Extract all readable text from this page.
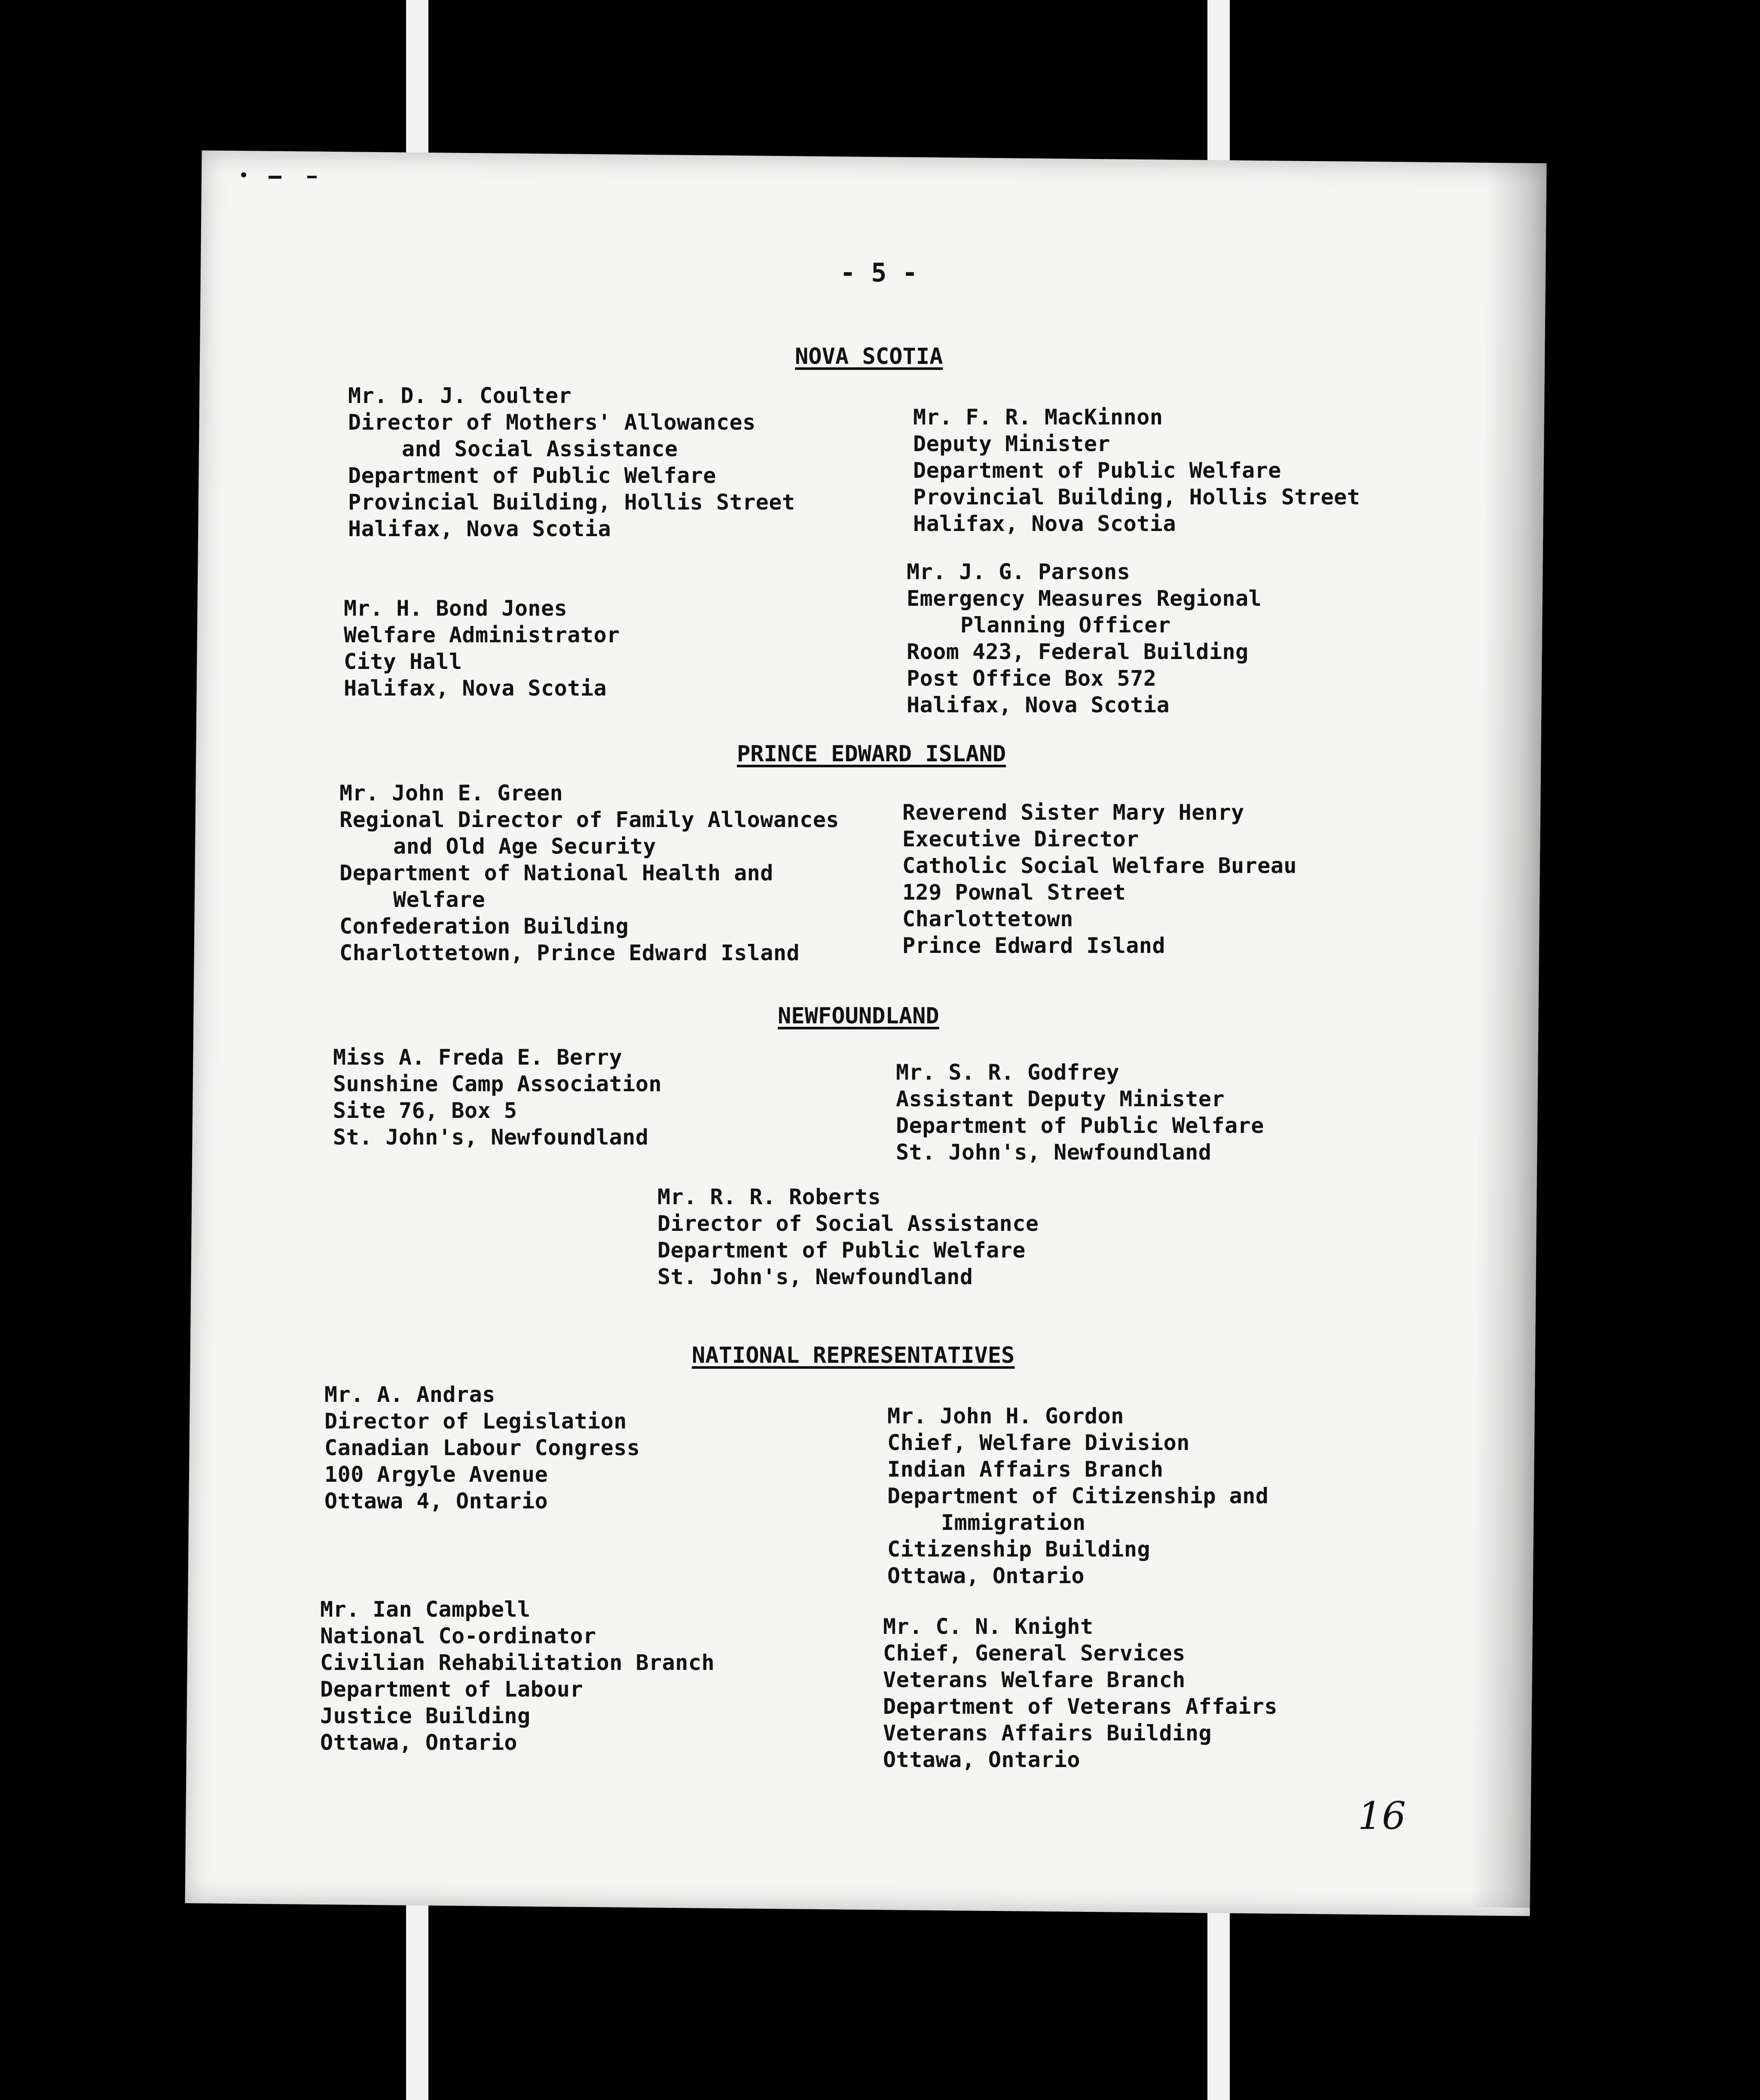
- 5 -
NOVA SCOTIA
Mr. D. J. Coulter
Director of Mothers' Allowances
and Social Assistance
Department of Public Welfare
Provincial Building, Hollis Street
Halifax, Nova Scotia
Mr. F. R. MacKinnon
Deputy Minister
Department of Public Welfare
Provincial Building, Hollis Street
Halifax, Nova Scotia
Mr. J. G. Parsons
Emergency Measures Regional
Planning Officer
Room 423, Federal Building
Post Office Box 572
Halifax, Nova Scotia
Mr. H. Bond Jones
Welfare Administrator
City Hall
Halifax, Nova Scotia
PRINCE EDWARD ISLAND
Mr. John E. Green
Regional Director of Family Allowances
and Old Age Security
Department of National Health and
Welfare
Confederation Building
Charlottetown, Prince Edward Island
Reverend Sister Mary Henry
Executive Director
Catholic Social Welfare Bureau
129 Pownal Street
Charlottetown
Prince Edward Island
NEWFOUNDLAND
Miss A. Freda E. Berry
Sunshine Camp Association
Site 76, Box 5
St. John's, Newfoundland
Mr. S. R. Godfrey
Assistant Deputy Minister
Department of Public Welfare
St. John's, Newfoundland
Mr. R. R. Roberts
Director of Social Assistance
Department of Public Welfare
St. John's, Newfoundland
NATIONAL REPRESENTATIVES
Mr. A. Andras
Director of Legislation
Canadian Labour Congress
100 Argyle Avenue
Ottawa 4, Ontario
Mr. John H. Gordon
Chief, Welfare Division
Indian Affairs Branch
Department of Citizenship and
Immigration
Citizenship Building
Ottawa, Ontario
Mr. Ian Campbell
National Co-ordinator
Civilian Rehabilitation Branch
Department of Labour
Justice Building
Ottawa, Ontario
Mr. C. N. Knight
Chief, General Services
Veterans Welfare Branch
Department of Veterans Affairs
Veterans Affairs Building
Ottawa, Ontario
16
